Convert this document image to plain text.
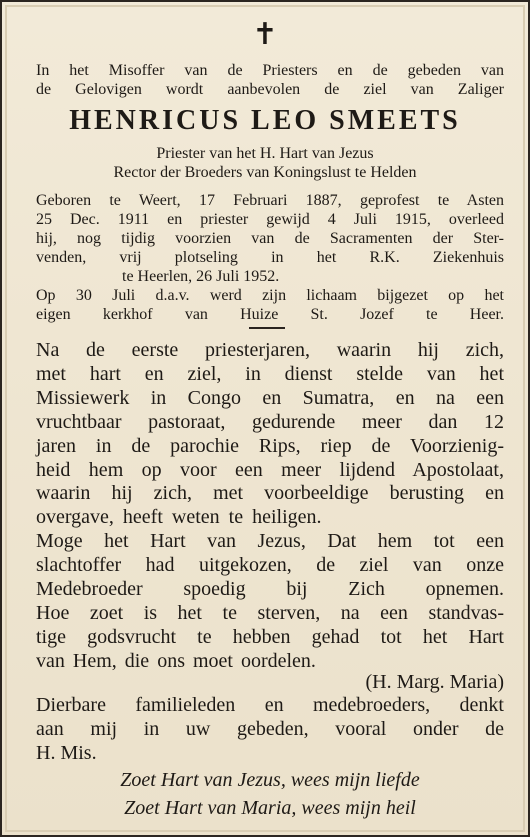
✝
In het Misoffer van de Priesters en de gebeden van
de Gelovigen wordt aanbevolen de ziel van Zaliger
HENRICUS LEO SMEETS
Priester van het H. Hart van Jezus
Rector der Broeders van Koningslust te Helden
Geboren te Weert, 17 Februari 1887, geprofest te Asten
25 Dec. 1911 en priester gewijd 4 Juli 1915, overleed
hij, nog tijdig voorzien van de Sacramenten der Ster-
venden, vrij plotseling in het R.K. Ziekenhuis
te Heerlen, 26 Juli 1952.
Op 30 Juli d.a.v. werd zijn lichaam bijgezet op het
eigen kerkhof van Huize St. Jozef te Heer.
Na de eerste priesterjaren, waarin hij zich,
met hart en ziel, in dienst stelde van het
Missiewerk in Congo en Sumatra, en na een
vruchtbaar pastoraat, gedurende meer dan 12
jaren in de parochie Rips, riep de Voorzienig-
heid hem op voor een meer lijdend Apostolaat,
waarin hij zich, met voorbeeldige berusting en
overgave, heeft weten te heiligen.
Moge het Hart van Jezus, Dat hem tot een
slachtoffer had uitgekozen, de ziel van onze
Medebroeder spoedig bij Zich opnemen.
Hoe zoet is het te sterven, na een standvas-
tige godsvrucht te hebben gehad tot het Hart
van Hem, die ons moet oordelen.
(H. Marg. Maria)
Dierbare familieleden en medebroeders, denkt
aan mij in uw gebeden, vooral onder de
H. Mis.
Zoet Hart van Jezus, wees mijn liefde
Zoet Hart van Maria, wees mijn heil
